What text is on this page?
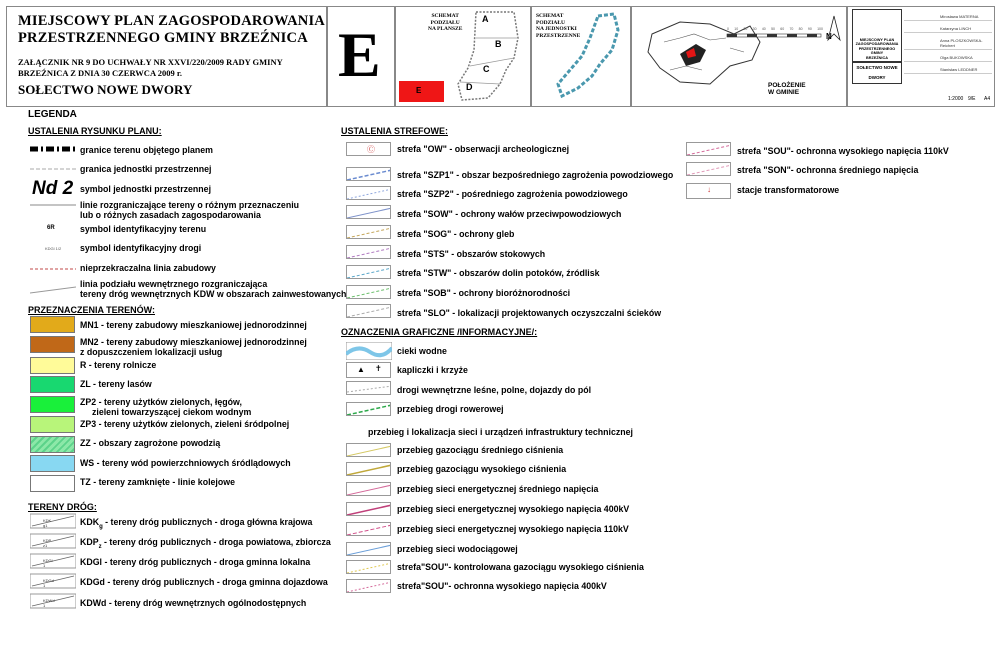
MIEJSCOWY PLAN ZAGOSPODAROWANIA
PRZESTRZENNEGO GMINY BRZEŹNICA
ZAŁĄCZNIK NR 9 DO UCHWAŁY NR XXVI/220/2009 RADY GMINY
BRZEŹNICA Z DNIA 30 CZERWCA 2009 r.
SOŁECTWO NOWE DWORY E
SCHEMAT
PODZIAŁU
NA PLANSZE
A
B
C
D
E
SCHEMAT
PODZIAŁU
NA JEDNOSTKI
PRZESTRZENNE
0 10 20 30 40 50 60 70 80 90 100
N
POŁOŻENIE
W GMINIE
MIEJSCOWY PLAN
ZAGOSPODAROWANIA
PRZESTRZENNEGO GMINY
BRZEŹNICA
SOŁECTWO NOWE DWORY
Mirosława MATERNA
Katarzyna LINCH
Anna PLOSZKOWSKA-Reichert
Olga BUKOWSKA
Stanisław LEDDNER
1:2000 9/E A4
LEGENDA
USTALENIA RYSUNKU PLANU:
granice terenu objętego planem
granica jednostki przestrzennej
Nd 2 symbol jednostki przestrzennej
linie rozgraniczające tereny o różnym przeznaczeniu
lub o różnych zasadach zagospodarowania
6R	symbol identyfikacyjny terenu
KDGl 1/2 symbol identyfikacyjny drogi
nieprzekraczalna linia zabudowy
linia podziału wewnętrznego rozgraniczająca
tereny dróg wewnętrznych KDW w obszarach zainwestowanych
PRZEZNACZENIA TERENÓW:
MN1 - tereny zabudowy mieszkaniowej jednorodzinnej
MN2 - tereny zabudowy mieszkaniowej jednorodzinnej
z dopuszczeniem lokalizacji usług
R - tereny rolnicze
ZL - tereny lasów
ZP2 - tereny użytków zielonych, łęgów,
zieleni towarzyszącej ciekom wodnym
ZP3 - tereny użytków zielonych, zieleni śródpolnej
ZZ - obszary zagrożone powodzią
WS - tereny wód powierzchniowych śródlądowych
TZ - tereny zamknięte - linie kolejowe
TERENY DRÓG:
KDK g1	$KDK_g$ - tereny dróg publicznych - droga główna krajowa
KDP z1	$KDP_z$ - tereny dróg publicznych - droga powiatowa, zbiorcza
KDGl 1	KDGl - tereny dróg publicznych - droga gminna lokalna
KDGd 1	KDGd - tereny dróg publicznych - droga gminna dojazdowa
KDWd 1	KDWd - tereny dróg wewnętrznych ogólnodostępnych
USTALENIA STREFOWE:
Ⓒ	strefa "OW" - obserwacji archeologicznej
strefa "SZP1" - obszar bezpośredniego zagrożenia powodziowego
strefa "SZP2" - pośredniego zagrożenia powodziowego
strefa "SOW" - ochrony wałów przeciwpowodziowych
strefa "SOG" - ochrony gleb
strefa "STS" - obszarów stokowych
strefa "STW" - obszarów dolin potoków, źródlisk
strefa "SOB" - ochrony bioróżnorodności
strefa "SLO" - lokalizacji projektowanych oczyszczalni ścieków
OZNACZENIA GRAFICZNE /INFORMACYJNE/:
cieki wodne
▲ ✝ kapliczki i krzyże
drogi wewnętrzne leśne, polne, dojazdy do pól
przebieg drogi rowerowej
przebieg i lokalizacja sieci i urządzeń infrastruktury technicznej
przebieg gazociągu średniego ciśnienia
przebieg gazociągu wysokiego ciśnienia
przebieg sieci energetycznej średniego napięcia
przebieg sieci energetycznej wysokiego napięcia 400kV
przebieg sieci energetycznej wysokiego napięcia 110kV
przebieg sieci wodociągowej
strefa"SOU"- kontrolowana gazociągu wysokiego ciśnienia
strefa"SOU"- ochronna wysokiego napięcia 400kV
strefa "SOU"- ochronna wysokiego napięcia 110kV
strefa "SON"- ochronna średniego napięcia
↓	stacje transformatorowe
